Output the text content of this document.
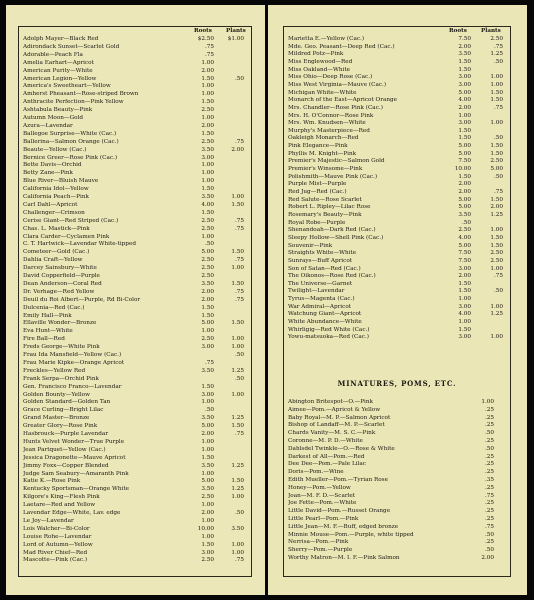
Roots	Plants
Adolph Mayer—Black Red	$2.50 $1.00
Adirondack Sunset—Scarlet Gold	.75
Adorable—Peach Fla	.75
Amelia Earhart—Apricot	1.00
American Purity—White	2.00
American Legion—Yellow	1.50	.50
America's Sweetheart—Yellow	1.00
Amherst Pheasant—Rose-striped Brown	1.00
Anthracite Perfection—Pink Yellow	1.50
Ashtabula Beauty—Pink	2.50
Autumn Moon—Gold	1.00
Azura—Lavendar	2.00
Ballegoe Surprise—White (Cac.)	1.50
Ballerina—Salmon Orange (Cac.)	2.50	.75
Beaute—Yellow (Cac.)	3.50	2.00
Bernice Greer—Rose Pink (Cac.)	3.00
Bette Davis—Orchid	1.00
Betty Zane—Pink	1.00
Blue River—Bluish Mauve	1.00
California Idol—Yellow	1.50
California Peach—Pink	3.50	1.00
Carl Dahl—Apricot	4.00	1.50
Challenger—Crimson	1.50
Cerise Giant—Red Striped (Cac.)	2.50	.75
Chas. L. Mastick—Pink	2.50	.75
Clara Carder—Cyclamen Pink	1.00
C. T. Hartwick—Lavendar White-tipped	.50
Cometeer—Gold (Cac.)	5.00	1.50
Dahlia Craft—Yellow	2.50	.75
Darcey Sainsbury—White	2.50	1.00
David Copperfield—Purple	2.50
Dean Anderson—Coral Red	3.50	1.50
Dr. Verhage—Red Yellow	2.00	.75
Deuil du Roi Albert—Purple, Rd Bi-Color	2.00	.75
Dulcenia—Red (Cac.)	1.50
Emily Hall—Pink	1.50
Ellaville Wonder—Bronze	5.00	1.50
Eva Hunt—White	1.00
Fire Ball—Red	2.50	1.00
Freds George—White Pink	3.00	1.00
Frau Ida Mansfield—Yellow (Cac.)	.50
Frau Marie Kipke—Orange Apricot	.75
Freckles—Yellow Red	3.50	1.25
Frank Serpa—Orchid Pink	.50
Gen. Francisco Franco—Lavendar	1.50
Golden Bounty—Yellow	3.00	1.00
Golden Standard—Golden Tan	1.00
Grace Curling—Bright Lilac	.50
Grand Master—Bronze	3.50	1.25
Greater Glory—Rose Pink	5.00	1.50
Hasbrouck—Purple Lavendar	2.00	.75
Hunts Velvet Wonder—True Purple	1.00
Jean Partquet—Yellow (Cac.)	1.00
Jessica Dragonette—Mauve Apricot	1.50
Jimmy Foxx—Copper Blended	3.50	1.25
Judge Sam Seabury—Amaranth Pink	1.00
Katie K.—Rose Pink	5.00	1.50
Kentucky Sportsman—Orange White	3.50	1.25
Kilgore's King—Flesh Pink	2.50	1.00
Laetare—Red and Yellow	1.00
Lavendar Edge—White, Lav. edge	2.00	.50
Le Joy—Lavendar	1.00
Lois Walcher—Bi-Color	10.00	3.50
Louise Rohe—Lavendar	1.00
Lord of Autumn—Yellow	1.50	1.00
Mad River Chief—Red	3.00	1.00
Mascotte—Pink (Cac.)	2.50	.75
Roots	Plants
MINATURES, POMS, ETC.
Marietta E.—Yellow (Cac.)	7.50	2.50
Mde. Geo. Peasant—Deep Red (Cac.)	2.00	.75
Mildred Potz—Pink	3.50	1.25
Miss Englewood—Red	1.50	.50
Miss Oakland—White	1.50
Miss Ohio—Deep Rose (Cac.)	3.00	1.00
Miss West Virginia—Mauve (Cac.)	3.00	1.00
Michigan White—White	5.00	1.50
Monarch of the East—Apricot Orange	4.00	1.50
Mrs. Chandler—Rose Pink (Cac.)	2.00	.75
Mrs. H. O'Connor—Rose Pink	1.00
Mrs. Wm. Knudsen—White	3.00	1.00
Murphy's Masterpiece—Red	1.50
Oakleigh Monarch—Red	1.50	.50
Pink Elegance—Pink	5.00	1.50
Phyllis M. Knight—Pink	5.00	1.50
Premier's Majestic—Salmon Gold	7.50	2.50
Premier's Winsome—Pink	10.00	5.00
Polishmith—Mauve Pink (Cac.)	1.50	.50
Purple Mist—Purple	2.00
Red Jug—Red (Cac.)	2.00	.75
Red Salute—Rose Scarlet	5.00	1.50
Robert L. Ripley—Lilac Rose	5.00	2.00
Rosemary's Beauty—Pink	3.50	1.25
Royal Robe—Purple	.50
Shenandoah—Dark Red (Cac.)	2.50	1.00
Sleepy Hollow—Shell Pink (Cac.)	4.00	1.50
Souvenir—Pink	5.00	1.50
Straights White—White	7.50	2.50
Sunrays—Buff Apricot	7.50	2.50
Son of Satan—Red (Cac.)	3.00	1.00
The Oikonos—Rose Red (Cac.)	2.00	.75
The Universe—Garnet	1.50
Twilight—Lavendar	1.50	.50
Tyrus—Magenta (Cac.)	1.00
War Admiral—Apricot	3.00	1.00
Watchung Giant—Apricot	4.00	1.25
White Abundance—White	1.00
Whirligig—Red White (Cac.)	1.50
Yowu-matsuoka—Red (Cac.)	3.00	1.00
Abington Britespot—O.—Pink	1.00
Aimee—Pom.—Apricot & Yellow	.25
Baby Royal—M. P.—Salmon Apricot	.25
Bishop of Landaff—M. P.—Scarlet	.25
Chards Vanity—M. S. C.—Pink	.50
Coronne—M. P. D.—White	.25
Dahlsdel Twinkle—O.—Rose & White	.50
Darkest of All—Pom.—Red	.25
Dee Dee—Pom.—Pale Lilac	.25
Doris—Pom.—Wine	.25
Edith Mueller—Pom.—Tyrian Rose	.35
Honey—Pom.—Yellow	.25
Joan—M. F. D.—Scarlet	.75
Joe Fette—Pom.—White	.25
Little David—Pom.—Russet Orange	.25
Little Pearl—Pom.—Pink	.25
Little Jean—M. F.—Buff, edged bronze	.75
Minnie Mouse—Pom.—Purple, white tipped	.50
Nerrisa—Pom.—Pink	.25
Sherry—Pom.—Purple	.50
Worthy Matron—M. I. F.—Pink Salmon	2.00
